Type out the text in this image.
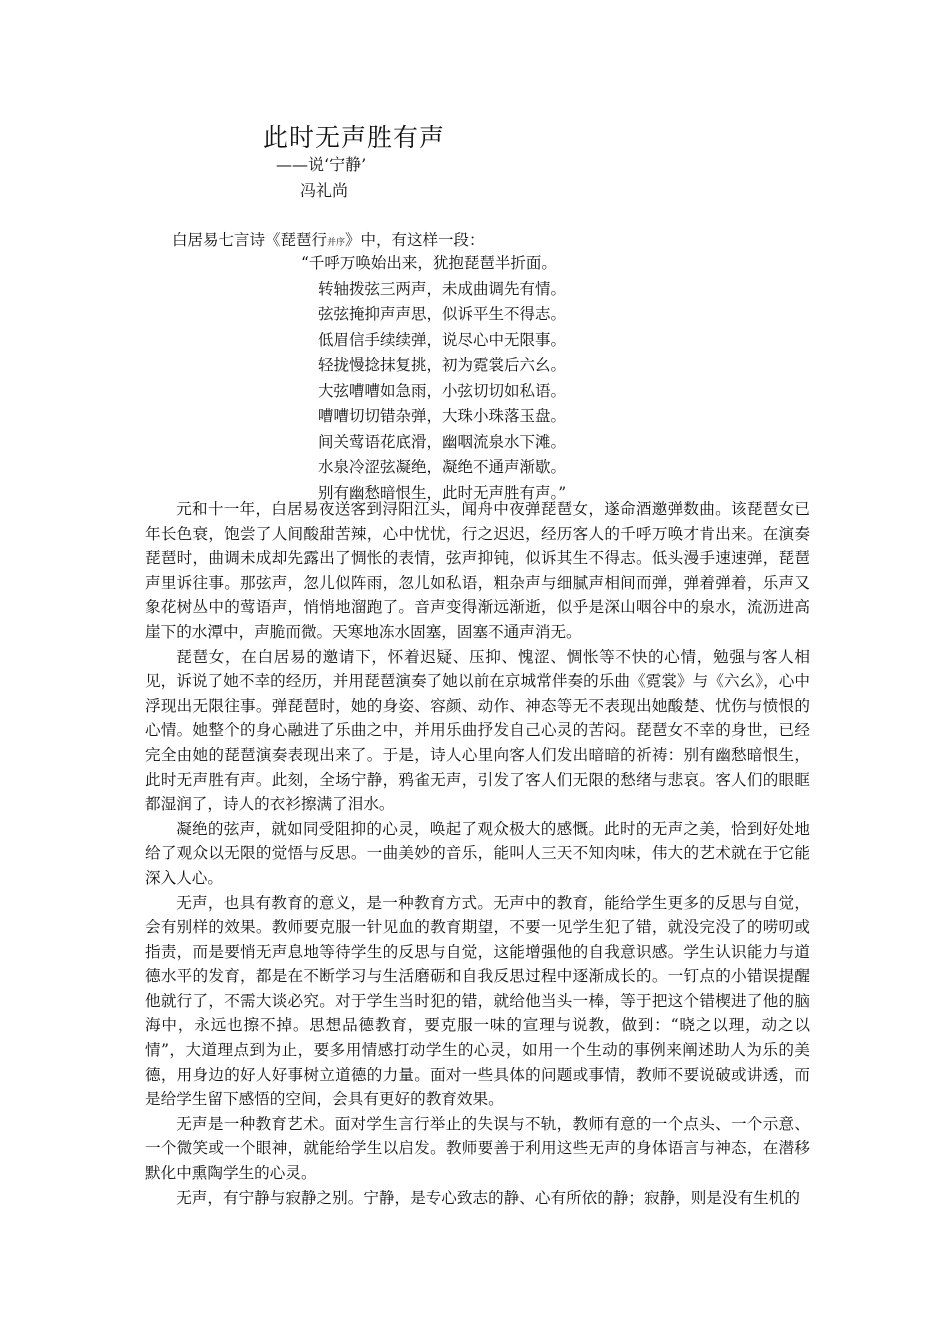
此时无声胜有声
——说‘宁静’
冯礼尚
白居易七言诗《琵琶行并序》中，有这样一段：
“千呼万唤始出来，犹抱琵琶半折面。
转轴拨弦三两声，未成曲调先有情。
弦弦掩抑声声思，似诉平生不得志。
低眉信手续续弹，说尽心中无限事。
轻拢慢捻抹复挑，初为霓裳后六幺。
大弦嘈嘈如急雨，小弦切切如私语。
嘈嘈切切错杂弹，大珠小珠落玉盘。
间关莺语花底滑，幽咽流泉水下滩。
水泉冷涩弦凝绝，凝绝不通声渐歇。
别有幽愁暗恨生，此时无声胜有声。”

元和十一年，白居易夜送客到浔阳江头，闻舟中夜弹琵琶女，遂命酒邀弹数曲。该琵琶女已年长色衰，饱尝了人间酸甜苦辣，心中忧忧，行之迟迟，经历客人的千呼万唤才肯出来。在演奏琵琶时，曲调未成却先露出了惆怅的表情，弦声抑钝，似诉其生不得志。低头漫手速速弹，琵琶声里诉往事。那弦声，忽儿似阵雨，忽儿如私语，粗杂声与细腻声相间而弹，弹着弹着，乐声又象花树丛中的莺语声，悄悄地溜跑了。音声变得渐远渐逝，似乎是深山咽谷中的泉水，流沥进高崖下的水潭中，声脆而微。天寒地冻水固塞，固塞不通声消无。

琵琶女，在白居易的邀请下，怀着迟疑、压抑、愧涩、惆怅等不快的心情，勉强与客人相见，诉说了她不幸的经历，并用琵琶演奏了她以前在京城常伴奏的乐曲《霓裳》与《六幺》，心中浮现出无限往事。弹琵琶时，她的身姿、容颜、动作、神态等无不表现出她酸楚、忧伤与愤恨的心情。她整个的身心融进了乐曲之中，并用乐曲抒发自己心灵的苦闷。琵琶女不幸的身世，已经完全由她的琵琶演奏表现出来了。于是，诗人心里向客人们发出暗暗的祈祷：别有幽愁暗恨生，此时无声胜有声。此刻，全场宁静，鸦雀无声，引发了客人们无限的愁绪与悲哀。客人们的眼眶都湿润了，诗人的衣衫擦满了泪水。

凝绝的弦声，就如同受阻抑的心灵，唤起了观众极大的感慨。此时的无声之美，恰到好处地给了观众以无限的觉悟与反思。一曲美妙的音乐，能叫人三天不知肉味，伟大的艺术就在于它能深入人心。

无声，也具有教育的意义，是一种教育方式。无声中的教育，能给学生更多的反思与自觉，会有别样的效果。教师要克服一针见血的教育期望，不要一见学生犯了错，就没完没了的唠叨或指责，而是要悄无声息地等待学生的反思与自觉，这能增强他的自我意识感。学生认识能力与道德水平的发育，都是在不断学习与生活磨砺和自我反思过程中逐渐成长的。一钉点的小错误提醒他就行了，不需大谈必究。对于学生当时犯的错，就给他当头一棒，等于把这个错楔进了他的脑海中，永远也擦不掉。思想品德教育，要克服一味的宣理与说教，做到：“晓之以理，动之以情”，大道理点到为止，要多用情感打动学生的心灵，如用一个生动的事例来阐述助人为乐的美德，用身边的好人好事树立道德的力量。面对一些具体的问题或事情，教师不要说破或讲透，而是给学生留下感悟的空间，会具有更好的教育效果。

无声是一种教育艺术。面对学生言行举止的失误与不轨，教师有意的一个点头、一个示意、一个微笑或一个眼神，就能给学生以启发。教师要善于利用这些无声的身体语言与神态，在潜移默化中熏陶学生的心灵。

无声，有宁静与寂静之别。宁静，是专心致志的静、心有所依的静；寂静，则是没有生机的
